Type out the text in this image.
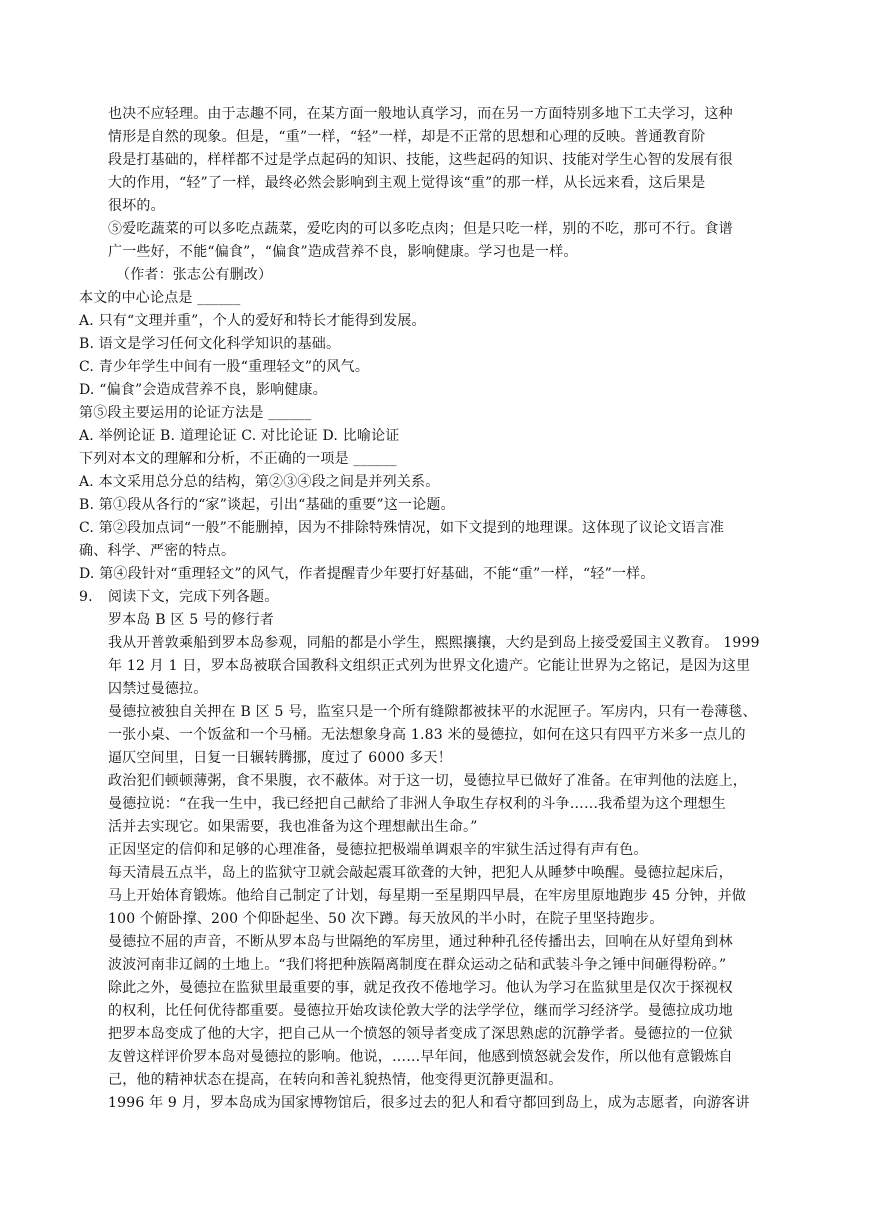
也决不应轻理。由于志趣不同，在某方面一般地认真学习，而在另一方面特别多地下工夫学习，这种
情形是自然的现象。但是，“重”一样，“轻”一样，却是不正常的思想和心理的反映。普通教育阶
段是打基础的，样样都不过是学点起码的知识、技能，这些起码的知识、技能对学生心智的发展有很
大的作用，“轻”了一样，最终必然会影响到主观上觉得该“重”的那一样，从长远来看，这后果是
很坏的。
⑤爱吃蔬菜的可以多吃点蔬菜，爱吃肉的可以多吃点肉；但是只吃一样，别的不吃，那可不行。食谱
广一些好，不能“偏食”，“偏食”造成营养不良，影响健康。学习也是一样。
（作者：张志公有删改）
本文的中心论点是 ______
A. 只有“文理并重”，个人的爱好和特长才能得到发展。
B. 语文是学习任何文化科学知识的基础。
C. 青少年学生中间有一股“重理轻文”的风气。
D. “偏食”会造成营养不良，影响健康。
第⑤段主要运用的论证方法是 ______
A. 举例论证 B. 道理论证 C. 对比论证 D. 比喻论证
下列对本文的理解和分析，不正确的一项是 ______
A. 本文采用总分总的结构，第②③④段之间是并列关系。
B. 第①段从各行的“家”谈起，引出“基础的重要”这一论题。
C. 第②段加点词“一般”不能删掉，因为不排除特殊情况，如下文提到的地理课。这体现了议论文语言准
确、科学、严密的特点。
D. 第④段针对“重理轻文”的风气，作者提醒青少年要打好基础，不能“重”一样，“轻”一样。
9. 阅读下文，完成下列各题。
罗本岛 B 区 5 号的修行者
我从开普敦乘船到罗本岛参观，同船的都是小学生，熙熙攘攘，大约是到岛上接受爱国主义教育。 1999
年 12 月 1 日，罗本岛被联合国教科文组织正式列为世界文化遗产。它能让世界为之铭记，是因为这里
囚禁过曼德拉。
曼德拉被独自关押在 B 区 5 号，监室只是一个所有缝隙都被抹平的水泥匣子。军房内，只有一卷薄毯、
一张小桌、一个饭盆和一个马桶。无法想象身高 1.83 米的曼德拉，如何在这只有四平方米多一点儿的
逼仄空间里，日复一日辗转腾挪，度过了 6000 多天！
政治犯们顿顿薄粥，食不果腹，衣不蔽体。对于这一切，曼德拉早已做好了准备。在审判他的法庭上，
曼德拉说：“在我一生中，我已经把自己献给了非洲人争取生存权利的斗争……我希望为这个理想生
活并去实现它。如果需要，我也准备为这个理想献出生命。”
正因坚定的信仰和足够的心理准备，曼德拉把极端单调艰辛的牢狱生活过得有声有色。
每天清晨五点半，岛上的监狱守卫就会敲起震耳欲聋的大钟，把犯人从睡梦中唤醒。曼德拉起床后，
马上开始体育锻炼。他给自己制定了计划，每星期一至星期四早晨，在牢房里原地跑步 45 分钟，并做
100 个俯卧撑、200 个仰卧起坐、50 次下蹲。每天放风的半小时，在院子里坚持跑步。
曼德拉不屈的声音，不断从罗本岛与世隔绝的军房里，通过种种孔径传播出去，回响在从好望角到林
波波河南非辽阔的土地上。“我们将把种族隔离制度在群众运动之砧和武装斗争之锤中间砸得粉碎。”
除此之外，曼德拉在监狱里最重要的事，就足孜孜不倦地学习。他认为学习在监狱里是仅次于探视权
的权利，比任何优待都重要。曼德拉开始攻读伦敦大学的法学学位，继而学习经济学。曼德拉成功地
把罗本岛变成了他的大字，把自己从一个愤怒的领导者变成了深思熟虑的沉静学者。曼德拉的一位狱
友曾这样评价罗本岛对曼德拉的影响。他说，……早年间，他感到愤怒就会发作，所以他有意锻炼自
己，他的精神状态在提高，在转向和善礼貌热情，他变得更沉静更温和。
1996 年 9 月，罗本岛成为国家博物馆后，很多过去的犯人和看守都回到岛上，成为志愿者，向游客讲
